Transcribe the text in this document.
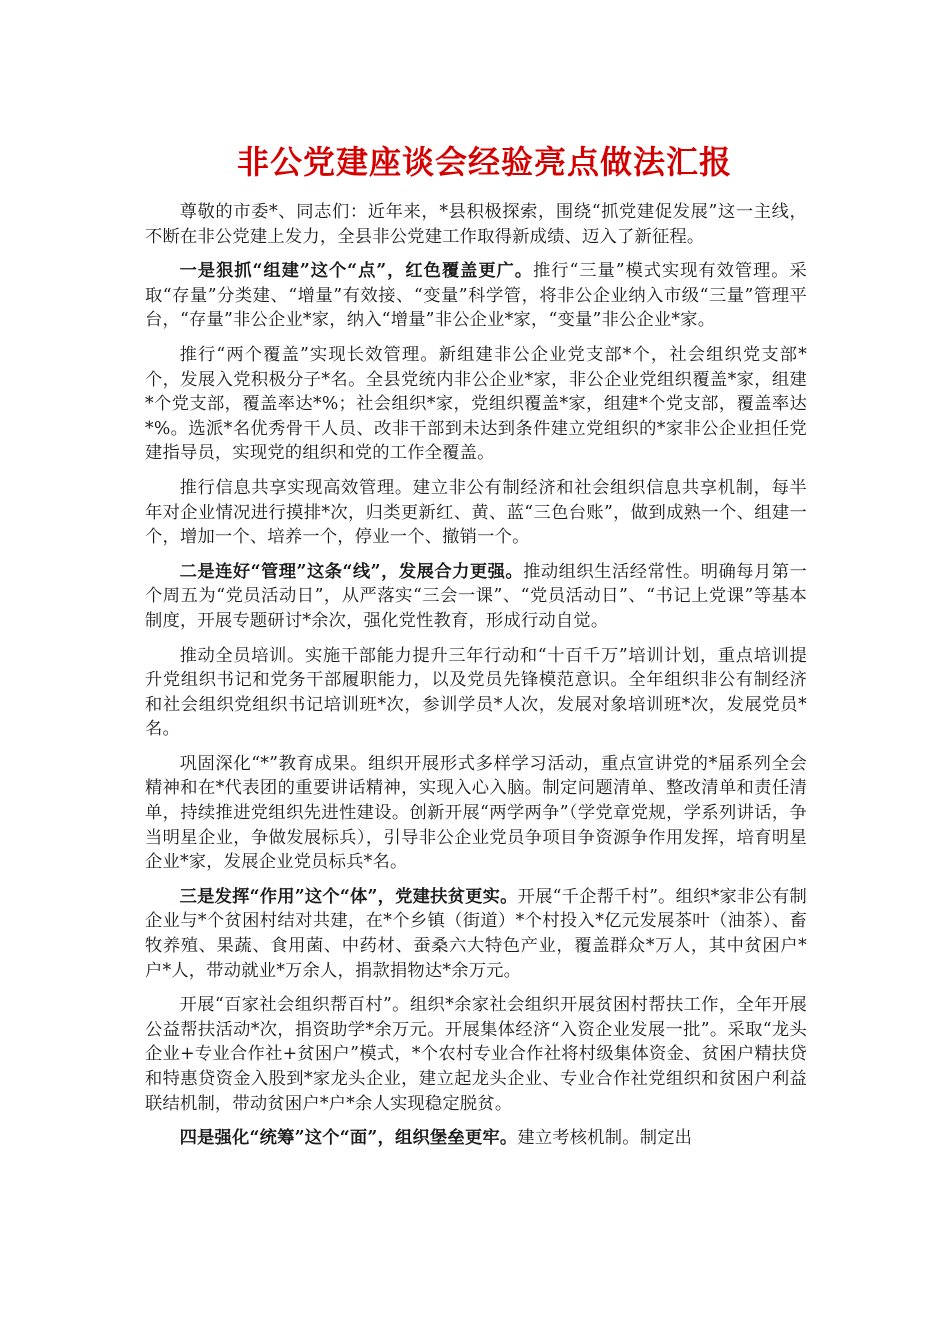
非公党建座谈会经验亮点做法汇报

尊敬的市委*、同志们：近年来，*县积极探索，围绕“抓党建促发展”这一主线，不断在非公党建上发力，全县非公党建工作取得新成绩、迈入了新征程。

一是狠抓“组建”这个“点”，红色覆盖更广。推行“三量”模式实现有效管理。采取“存量”分类建、“增量”有效接、“变量”科学管，将非公企业纳入市级“三量”管理平台，“存量”非公企业*家，纳入“增量”非公企业*家，“变量”非公企业*家。

推行“两个覆盖”实现长效管理。新组建非公企业党支部*个，社会组织党支部*个，发展入党积极分子*名。全县党统内非公企业*家，非公企业党组织覆盖*家，组建*个党支部，覆盖率达*%；社会组织*家，党组织覆盖*家，组建*个党支部，覆盖率达*%。选派*名优秀骨干人员、改非干部到未达到条件建立党组织的*家非公企业担任党建指导员，实现党的组织和党的工作全覆盖。

推行信息共享实现高效管理。建立非公有制经济和社会组织信息共享机制，每半年对企业情况进行摸排*次，归类更新红、黄、蓝“三色台账”，做到成熟一个、组建一个，增加一个、培养一个，停业一个、撤销一个。

二是连好“管理”这条“线”，发展合力更强。推动组织生活经常性。明确每月第一个周五为“党员活动日”，从严落实“三会一课”、“党员活动日”、“书记上党课”等基本制度，开展专题研讨*余次，强化党性教育，形成行动自觉。

推动全员培训。实施干部能力提升三年行动和“十百千万”培训计划，重点培训提升党组织书记和党务干部履职能力，以及党员先锋模范意识。全年组织非公有制经济和社会组织党组织书记培训班*次，参训学员*人次，发展对象培训班*次，发展党员*名。

巩固深化“*”教育成果。组织开展形式多样学习活动，重点宣讲党的*届系列全会精神和在*代表团的重要讲话精神，实现入心入脑。制定问题清单、整改清单和责任清单，持续推进党组织先进性建设。创新开展“两学两争”（学党章党规，学系列讲话，争当明星企业，争做发展标兵），引导非公企业党员争项目争资源争作用发挥，培育明星企业*家，发展企业党员标兵*名。

三是发挥“作用”这个“体”，党建扶贫更实。开展“千企帮千村”。组织*家非公有制企业与*个贫困村结对共建，在*个乡镇（街道）*个村投入*亿元发展茶叶（油茶）、畜牧养殖、果蔬、食用菌、中药材、蚕桑六大特色产业，覆盖群众*万人，其中贫困户*户*人，带动就业*万余人，捐款捐物达*余万元。

开展“百家社会组织帮百村”。组织*余家社会组织开展贫困村帮扶工作，全年开展公益帮扶活动*次，捐资助学*余万元。开展集体经济“入资企业发展一批”。采取“龙头企业+专业合作社+贫困户”模式，*个农村专业合作社将村级集体资金、贫困户精扶贷和特惠贷资金入股到*家龙头企业，建立起龙头企业、专业合作社党组织和贫困户利益联结机制，带动贫困户*户*余人实现稳定脱贫。

四是强化“统筹”这个“面”，组织堡垒更牢。建立考核机制。制定出
